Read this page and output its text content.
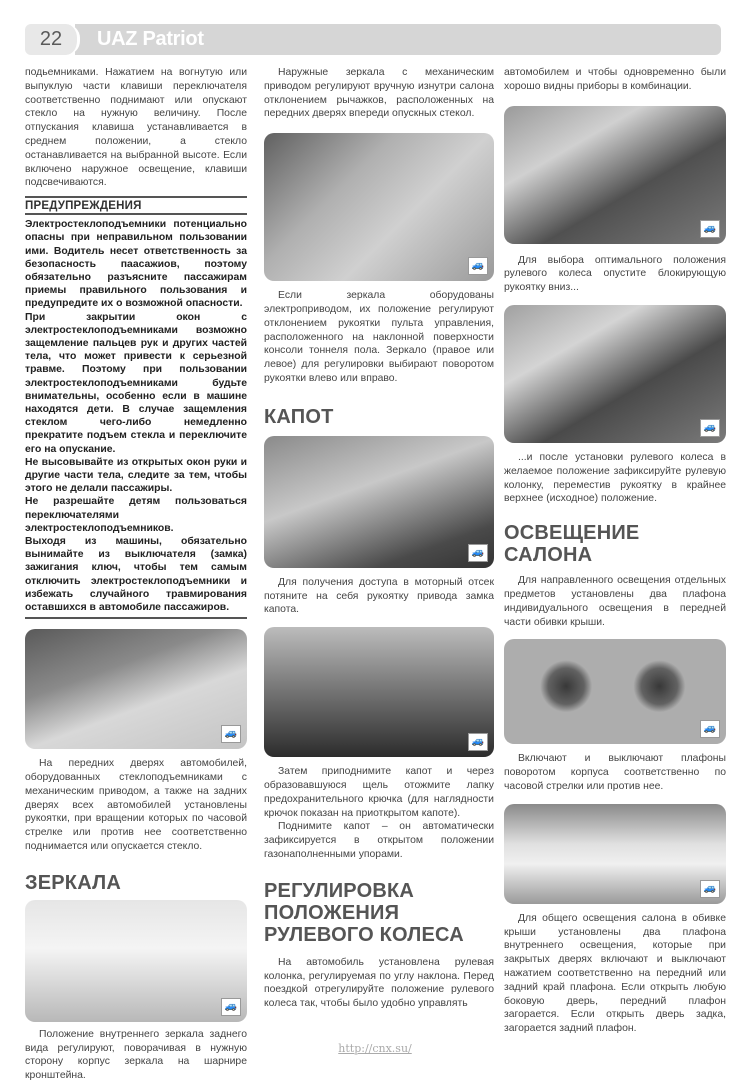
22	UAZ Patriot

подьемниками. Нажатием на вогнутую или выпуклую части клавиши переключателя соответственно поднимают или опускают стекло на нужную величину. После отпускания клавиша устанавливается в среднем положении, а стекло останавливается на выбранной высоте. Если включено наружное освещение, клавиши подсвечиваются.

ПРЕДУПРЕЖДЕНИЯ

Электростеклоподъемники потенциально опасны при неправильном пользовании ими. Водитель несет ответственность за безопасность паасажиов, поэтому обязательно разъясните пассажирам приемы правильного пользования и предупредите их о возможной опасности.

При закрытии окон с электростеклоподъемниками возможно защемление пальцев рук и других частей тела, что может привести к серьезной травме. Поэтому при пользовании электростеклоподъемниками будьте внимательны, особенно если в машине находятся дети. В случае защемления стеклом чего-либо немедленно прекратите подъем стекла и переключите его на опускание.

Не высовывайте из открытых окон руки и другие части тела, следите за тем, чтобы этого не делали пассажиры.

Не разрешайте детям пользоваться переключателями электростеклоподъемников.

Выходя из машины, обязательно вынимайте из выключателя (замка) зажигания ключ, чтобы тем самым отключить электростеклоподъемники и избежать случайного травмирования оставшихся в автомобиле пассажиров.

🚙

На передних дверях автомобилей, оборудованных стеклоподъемниками с механическим приводом, а также на задних дверях всех автомобилей установлены рукоятки, при вращении которых по часовой стрелке или против нее соответственно поднимается или опускается стекло.

ЗЕРКАЛА
🚙

Положение внутреннего зеркала заднего вида регулируют, поворачивая в нужную сторону корпус зеркала на шарнире кронштейна.

Наружные зеркала с механическим приводом регулируют вручную изнутри салона отклонением рычажков, расположенных на передних дверях впереди опускных стекол.

🚙

Если зеркала оборудованы электроприводом, их положение регулируют отклонением рукоятки пульта управления, расположенного на наклонной поверхности консоли тоннеля пола. Зеркало (правое или левое) для регулировки выбирают поворотом рукоятки влево или вправо.

КАПОТ
🚙

Для получения доступа в моторный отсек потяните на себя рукоятку привода замка капота.

🚙

Затем приподнимите капот и через образовавшуюся щель отожмите лапку предохранительного крючка (для наглядности крючок показан на приоткрытом капоте).

Поднимите капот – он автоматически зафиксируется в открытом положении газонаполненными упорами.

РЕГУЛИРОВКА ПОЛОЖЕНИЯ РУЛЕВОГО КОЛЕСА

На автомобиль установлена рулевая колонка, регулируемая по углу наклона. Перед поездкой отрегулируйте положение рулевого колеса так, чтобы было удобно управлять

автомобилем и чтобы одновременно были хорошо видны приборы в комбинации.

🚙

Для выбора оптимального положения рулевого колеса опустите блокирующую рукоятку вниз...

🚙

...и после установки рулевого колеса в желаемое положение зафиксируйте рулевую колонку, переместив рукоятку в крайнее верхнее (исходное) положение.

ОСВЕЩЕНИЕ САЛОНА

Для направленного освещения отдельных предметов установлены два плафона индивидуального освещения в передней части обивки крыши.

🚙

Включают и выключают плафоны поворотом корпуса соответственно по часовой стрелки или против нее.

🚙

Для общего освещения салона в обивке крыши установлены два плафона внутреннего освещения, которые при закрытых дверях включают и выключают нажатием соответственно на передний или задний край плафона. Если открыть любую боковую дверь, передний плафон загорается. Если открыть дверь задка, загорается задний плафон.

http://cnx.su/
